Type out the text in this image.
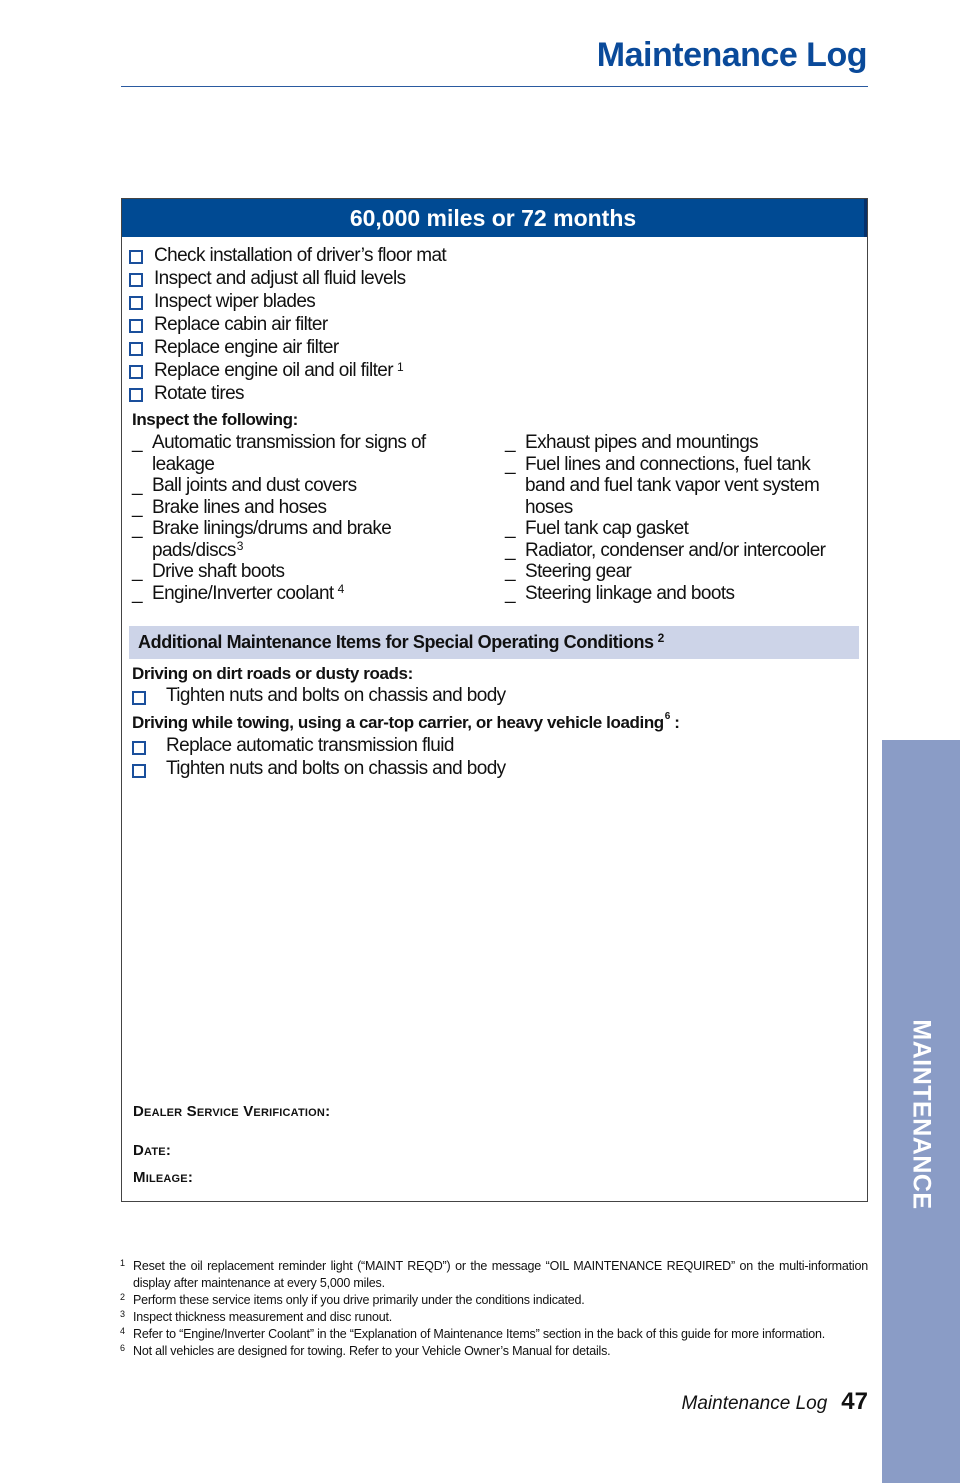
Maintenance Log
60,000 miles or 72 months
Check installation of driver’s floor mat
Inspect and adjust all fluid levels
Inspect wiper blades
Replace cabin air filter
Replace engine air filter
Replace engine oil and oil filter $^1$
Rotate tires
Inspect the following:
_ Automatic transmission for signs of leakage
_ Ball joints and dust covers
_ Brake lines and hoses
_ Brake linings/drums and brake pads/discs$^3$
_ Drive shaft boots
_ Engine/Inverter coolant $^4$
_ Exhaust pipes and mountings
_ Fuel lines and connections, fuel tank band and fuel tank vapor vent system hoses
_ Fuel tank cap gasket
_ Radiator, condenser and/or intercooler
_ Steering gear
_ Steering linkage and boots
Additional Maintenance Items for Special Operating Conditions $^2$
Driving on dirt roads or dusty roads:
Tighten nuts and bolts on chassis and body
Driving while towing, using a car-top carrier, or heavy vehicle loading$^6$ :
Replace automatic transmission fluid
Tighten nuts and bolts on chassis and body
Dealer Service Verification:
Date:
Mileage:
1 Reset the oil replacement reminder light (“MAINT REQD”) or the message “OIL MAINTENANCE REQUIRED” on the multi-information display after maintenance at every 5,000 miles.
2 Perform these service items only if you drive primarily under the conditions indicated.
3 Inspect thickness measurement and disc runout.
4 Refer to “Engine/Inverter Coolant” in the “Explanation of Maintenance Items” section in the back of this guide for more information.
6 Not all vehicles are designed for towing. Refer to your Vehicle Owner’s Manual for details.
Maintenance Log 47
MAINTENANCE
